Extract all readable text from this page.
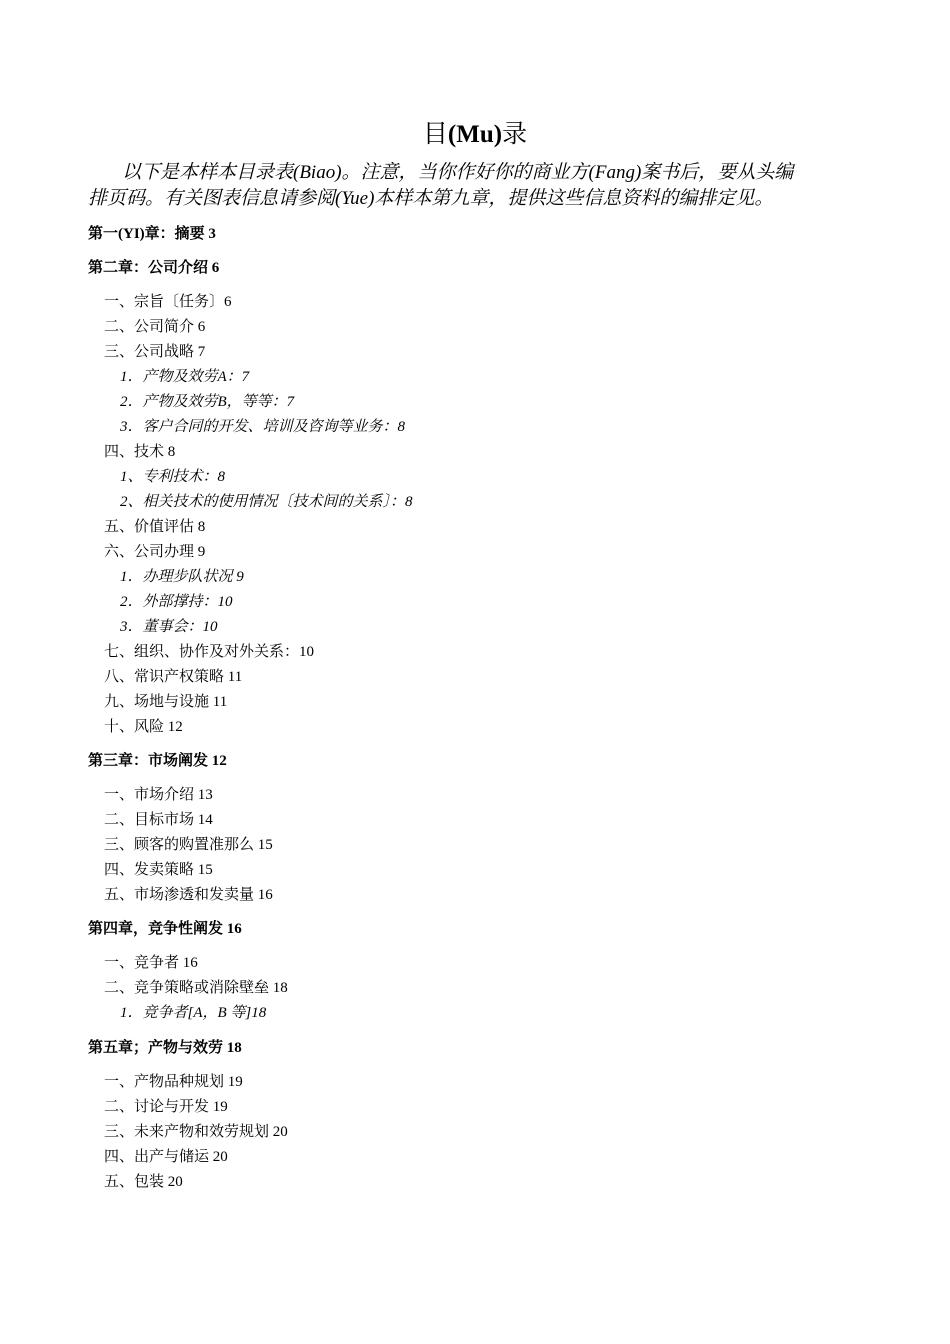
目(Mu)录
以下是本样本目录表(Biao)。注意，当你作好你的商业方(Fang)案书后，要从头编排页码。有关图表信息请参阅(Yue)本样本第九章，提供这些信息资料的编排定见。
第一(YI)章：摘要 3
第二章：公司介绍 6
一、宗旨〔任务〕6
二、公司简介 6
三、公司战略 7
1．产物及效劳A：7
2．产物及效劳B，等等：7
3．客户合同的开发、培训及咨询等业务：8
四、技术 8
1、专利技术：8
2、相关技术的使用情况〔技术间的关系〕：8
五、价值评估 8
六、公司办理 9
1．办理步队状况 9
2．外部撑持：10
3．董事会：10
七、组织、协作及对外关系：10
八、常识产权策略 11
九、场地与设施 11
十、风险 12
第三章：市场阐发 12
一、市场介绍 13
二、目标市场 14
三、顾客的购置准那么 15
四、发卖策略 15
五、市场渗透和发卖量 16
第四章，竞争性阐发 16
一、竞争者 16
二、竞争策略或消除壁垒 18
1．竞争者[A，B 等]18
第五章；产物与效劳 18
一、产物品种规划 19
二、讨论与开发 19
三、未来产物和效劳规划 20
四、出产与储运 20
五、包装 20
